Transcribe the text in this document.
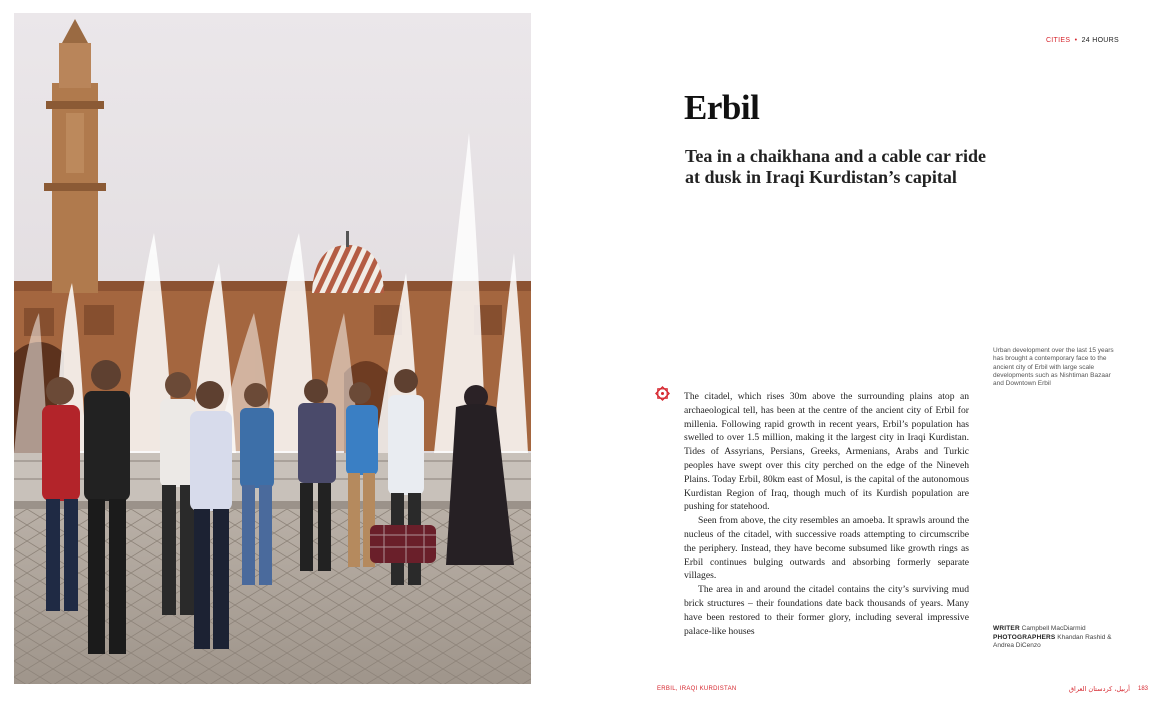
CITIES • 24 HOURS
Erbil
Tea in a chaikhana and a cable car ride at dusk in Iraqi Kurdistan’s capital
Urban development over the last 15 years has brought a contemporary face to the ancient city of Erbil with large scale developments such as Nishtiman Bazaar and Downtown Erbil
WRITER Campbell MacDiarmid
PHOTOGRAPHERS Khandan Rashid & Andrea DiCenzo

The citadel, which rises 30m above the surrounding plains atop an archaeological tell, has been at the centre of the ancient city of Erbil for millenia. Following rapid growth in recent years, Erbil’s population has swelled to over 1.5 million, making it the largest city in Iraqi Kurdistan. Tides of Assyrians, Persians, Greeks, Armenians, Arabs and Turkic peoples have swept over this city perched on the edge of the Nineveh Plains. Today Erbil, 80km east of Mosul, is the capital of the autonomous Kurdistan Region of Iraq, though much of its Kurdish population are pushing for statehood.

Seen from above, the city resembles an amoeba. It sprawls around the nucleus of the citadel, with successive roads attempting to circumscribe the periphery. Instead, they have become subsumed like growth rings as Erbil continues bulging outwards and absorbing formerly separate villages.

The area in and around the citadel contains the city’s surviving mud brick structures – their foundations date back thousands of years. Many have been restored to their former glory, including several impressive palace-like houses

ERBIL, IRAQI KURDISTAN	أربيل، كردستان العراق 183
